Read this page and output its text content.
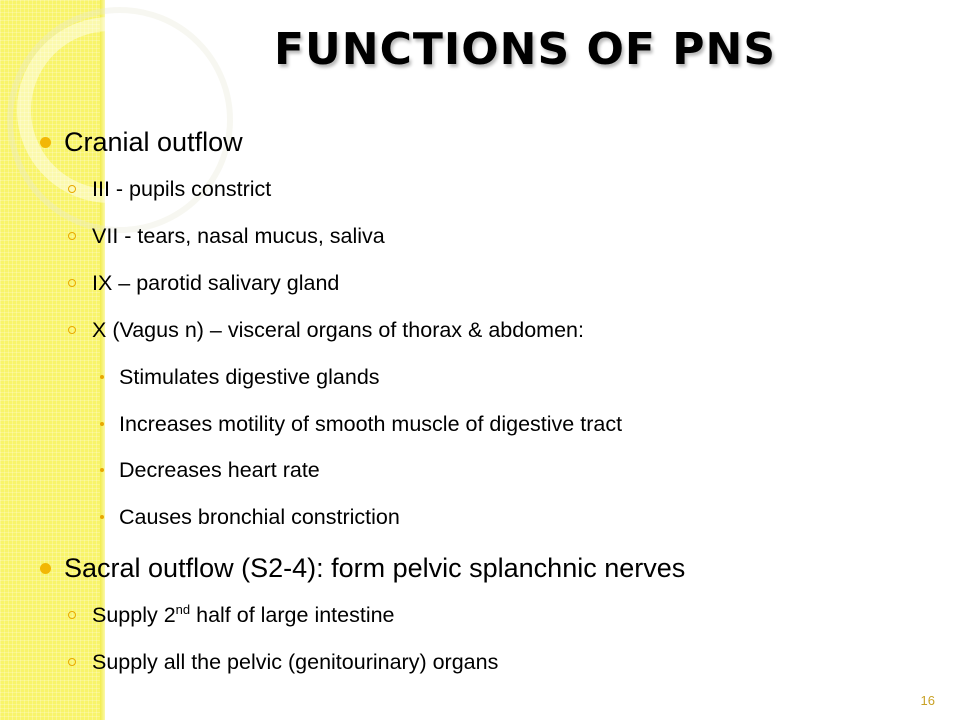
FUNCTIONS OF PNS
Cranial outflow
III - pupils constrict
VII - tears, nasal mucus, saliva
IX – parotid salivary gland
X (Vagus n) – visceral organs of thorax & abdomen:
Stimulates digestive glands
Increases motility of smooth muscle of digestive tract
Decreases heart rate
Causes bronchial constriction
Sacral outflow (S2-4): form pelvic splanchnic nerves
Supply 2nd half of large intestine
Supply all the pelvic (genitourinary) organs
16
